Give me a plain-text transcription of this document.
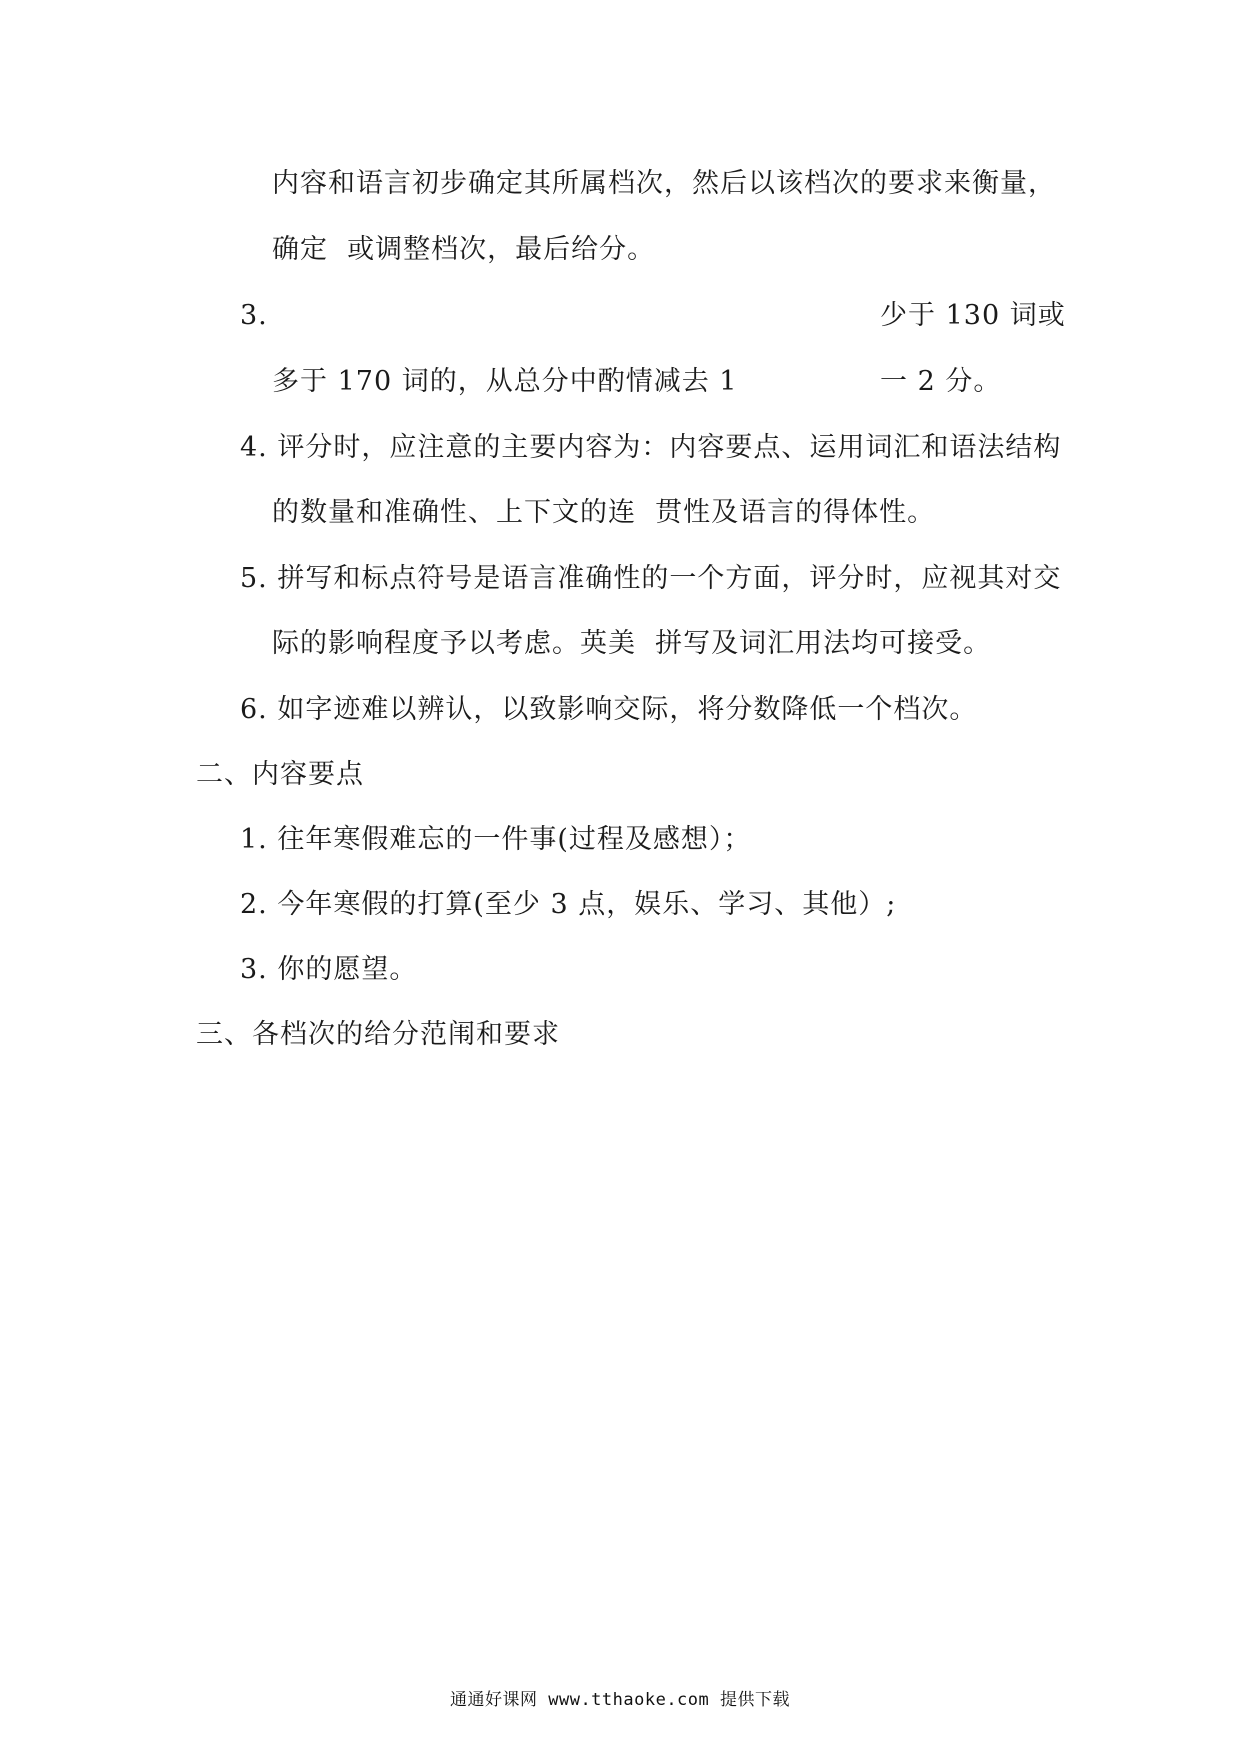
内容和语言初步确定其所属档次，然后以该档次的要求来衡量，
确定  或调整档次，最后给分。
3.	少于 130 词或
多于 170 词的，从总分中酌情减去 1	一 2 分。
4. 评分时，应注意的主要内容为：内容要点、运用词汇和语法结构
的数量和准确性、上下文的连  贯性及语言的得体性。
5. 拼写和标点符号是语言准确性的一个方面，评分时，应视其对交
际的影响程度予以考虑。英美  拼写及词汇用法均可接受。
6. 如字迹难以辨认，以致影响交际，将分数降低一个档次。
二、内容要点
1. 往年寒假难忘的一件事(过程及感想）；
2. 今年寒假的打算(至少 3 点，娱乐、学习、其他）;
3. 你的愿望。
三、各档次的给分范闱和要求
通通好课网 www.tthaoke.com 提供下载
